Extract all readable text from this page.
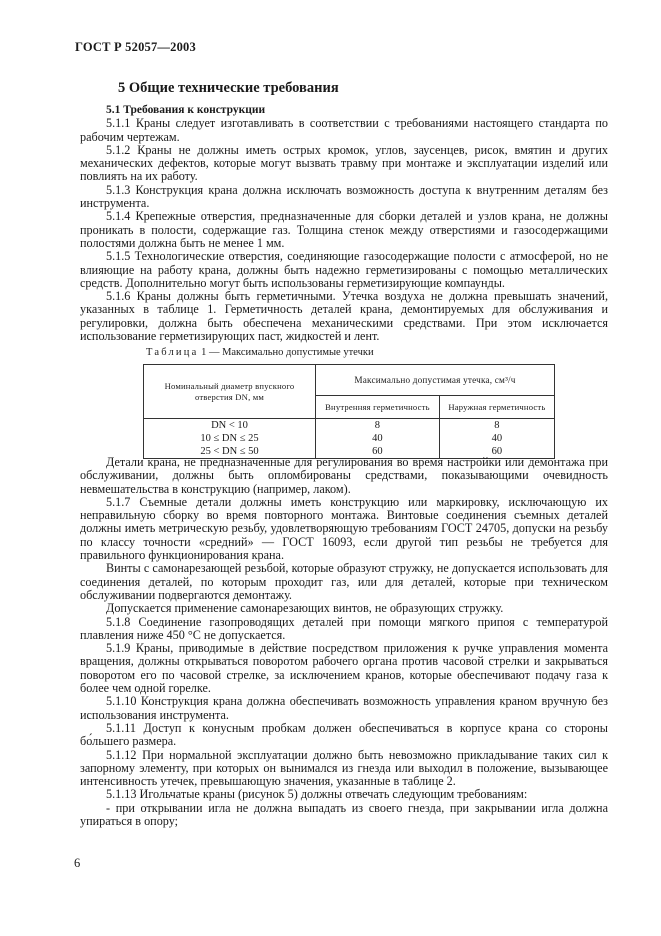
ГОСТ Р 52057—2003
5 Общие технические требования

5.1 Требования к конструкции

5.1.1 Краны следует изготавливать в соответствии с требованиями настоящего стандарта по рабочим чертежам.

5.1.2 Краны не должны иметь острых кромок, углов, заусенцев, рисок, вмятин и других механических дефектов, которые могут вызвать травму при монтаже и эксплуатации изделий или повлиять на их работу.

5.1.3 Конструкция крана должна исключать возможность доступа к внутренним деталям без инструмента.

5.1.4 Крепежные отверстия, предназначенные для сборки деталей и узлов крана, не должны проникать в полости, содержащие газ. Толщина стенок между отверстиями и газосодержащими полостями должна быть не менее 1 мм.

5.1.5 Технологические отверстия, соединяющие газосодержащие полости с атмосферой, но не влияющие на работу крана, должны быть надежно герметизированы с помощью металлических средств. Дополнительно могут быть использованы герметизирующие компаунды.

5.1.6 Краны должны быть герметичными. Утечка воздуха не должна превышать значений, указанных в таблице 1. Герметичность деталей крана, демонтируемых для обслуживания и регулировки, должна быть обеспечена механическими средствами. При этом исключается использование герметизирующих паст, жидкостей и лент.

Таблица 1 — Максимально допустимые утечки
Номинальный диаметр впускного отверстия DN, мм	Максимально допустимая утечка, см³/ч	
	Внутренняя герметичность	Наружная герметичность
DN < 10	8	8
10 ≤ DN ≤ 25	40	40
25 < DN ≤ 50	60	60

Детали крана, не предназначенные для регулирования во время настройки или демонтажа при обслуживании, должны быть опломбированы средствами, показывающими очевидность невмешательства в конструкцию (например, лаком).

5.1.7 Съемные детали должны иметь конструкцию или маркировку, исключающую их неправильную сборку во время повторного монтажа. Винтовые соединения съемных деталей должны иметь метрическую резьбу, удовлетворяющую требованиям ГОСТ 24705, допуски на резьбу по классу точности «средний» — ГОСТ 16093, если другой тип резьбы не требуется для правильного функционирования крана.

Винты с самонарезающей резьбой, которые образуют стружку, не допускается использовать для соединения деталей, по которым проходит газ, или для деталей, которые при техническом обслуживании подвергаются демонтажу.

Допускается применение самонарезающих винтов, не образующих стружку.

5.1.8 Соединение газопроводящих деталей при помощи мягкого припоя с температурой плавления ниже 450 °С не допускается.

5.1.9 Краны, приводимые в действие посредством приложения к ручке управления момента вращения, должны открываться поворотом рабочего органа против часовой стрелки и закрываться поворотом его по часовой стрелке, за исключением кранов, которые обеспечивают подачу газа к более чем одной горелке.

5.1.10 Конструкция крана должна обеспечивать возможность управления краном вручную без использования инструмента.

5.1.11 Доступ к конусным пробкам должен обеспечиваться в корпусе крана со стороны бо́льшего размера.

5.1.12 При нормальной эксплуатации должно быть невозможно прикладывание таких сил к запорному элементу, при которых он вынимался из гнезда или выходил в положение, вызывающее интенсивность утечек, превышающую значения, указанные в таблице 2.

5.1.13 Игольчатые краны (рисунок 5) должны отвечать следующим требованиям:

- при открывании игла не должна выпадать из своего гнезда, при закрывании игла должна упираться в опору;

6
